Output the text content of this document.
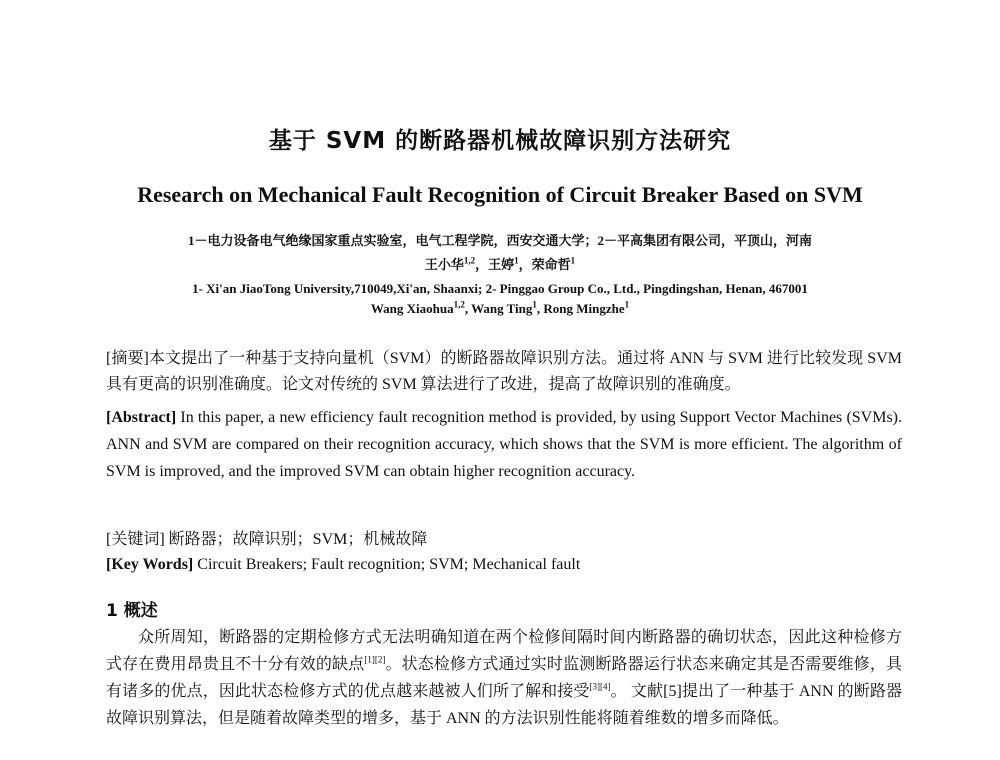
基于 SVM 的断路器机械故障识别方法研究
Research on Mechanical Fault Recognition of Circuit Breaker Based on SVM
1－电力设备电气绝缘国家重点实验室，电气工程学院，西安交通大学；2－平高集团有限公司，平顶山，河南
王小华$^{1,2}$，王婷$^1$，荣命哲$^1$
1- Xi'an JiaoTong University,710049,Xi'an, Shaanxi; 2- Pinggao Group Co., Ltd., Pingdingshan, Henan, 467001
Wang Xiaohua$^{1,2}$, Wang Ting$^1$, Rong Mingzhe$^1$
[摘要]本文提出了一种基于支持向量机（SVM）的断路器故障识别方法。通过将 ANN 与 SVM 进行比较发现 SVM 具有更高的识别准确度。论文对传统的 SVM 算法进行了改进，提高了故障识别的准确度。
[Abstract] In this paper, a new efficiency fault recognition method is provided, by using Support Vector Machines (SVMs). ANN and SVM are compared on their recognition accuracy, which shows that the SVM is more efficient. The algorithm of SVM is improved, and the improved SVM can obtain higher recognition accuracy.
[关键词] 断路器；故障识别；SVM；机械故障
[Key Words] Circuit Breakers; Fault recognition; SVM; Mechanical fault
1 概述
众所周知，断路器的定期检修方式无法明确知道在两个检修间隔时间内断路器的确切状态，因此这种检修方式存在费用昂贵且不十分有效的缺点[1][2]。状态检修方式通过实时监测断路器运行状态来确定其是否需要维修，具有诸多的优点，因此状态检修方式的优点越来越被人们所了解和接受[3][4]。 文献[5]提出了一种基于 ANN 的断路器故障识别算法，但是随着故障类型的增多，基于 ANN 的方法识别性能将随着维数的增多而降低。
